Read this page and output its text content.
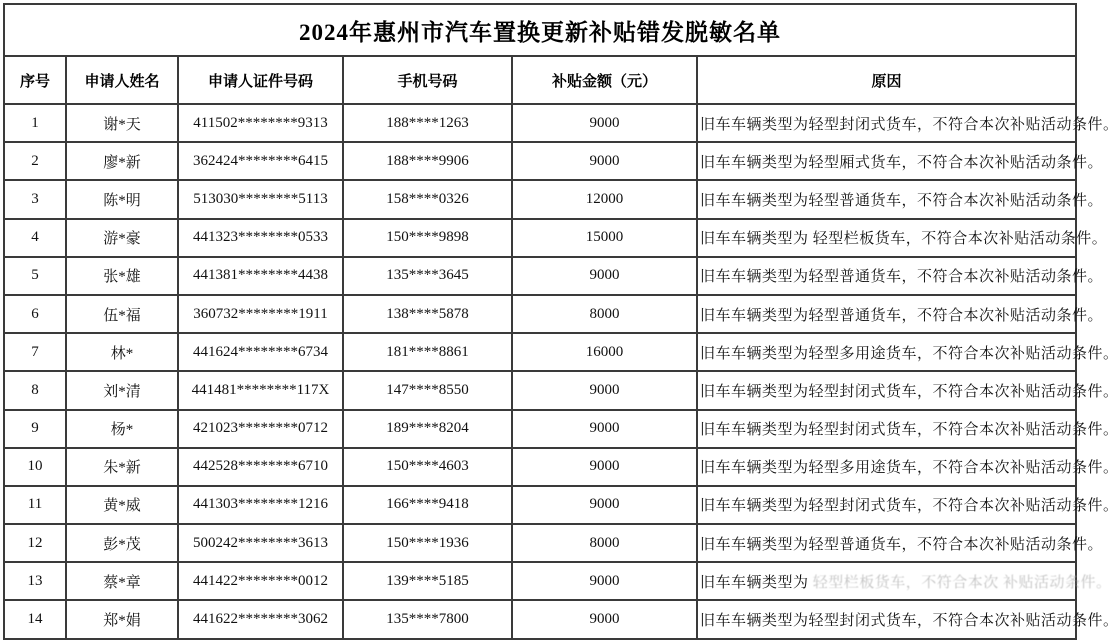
2024年惠州市汽车置换更新补贴错发脱敏名单					
序号	申请人姓名	申请人证件号码	手机号码	补贴金额（元）	原因
1	谢*天	411502********9313	188****1263	9000	旧车车辆类型为轻型封闭式货车，不符合本次补贴活动条件。
2	廖*新	362424********6415	188****9906	9000	旧车车辆类型为轻型厢式货车，不符合本次补贴活动条件。
3	陈*明	513030********5113	158****0326	12000	旧车车辆类型为轻型普通货车，不符合本次补贴活动条件。
4	游*豪	441323********0533	150****9898	15000	旧车车辆类型为 轻型栏板货车，不符合本次补贴活动条件。
5	张*雄	441381********4438	135****3645	9000	旧车车辆类型为轻型普通货车，不符合本次补贴活动条件。
6	伍*福	360732********1911	138****5878	8000	旧车车辆类型为轻型普通货车，不符合本次补贴活动条件。
7	林*	441624********6734	181****8861	16000	旧车车辆类型为轻型多用途货车，不符合本次补贴活动条件。
8	刘*清	441481********117X	147****8550	9000	旧车车辆类型为轻型封闭式货车，不符合本次补贴活动条件。
9	杨*	421023********0712	189****8204	9000	旧车车辆类型为轻型封闭式货车，不符合本次补贴活动条件。
10	朱*新	442528********6710	150****4603	9000	旧车车辆类型为轻型多用途货车，不符合本次补贴活动条件。
11	黄*威	441303********1216	166****9418	9000	旧车车辆类型为轻型封闭式货车，不符合本次补贴活动条件。
12	彭*茂	500242********3613	150****1936	8000	旧车车辆类型为轻型普通货车，不符合本次补贴活动条件。
13	蔡*章	441422********0012	139****5185	9000	旧车车辆类型为 轻型栏板货车，不符合本次 补贴活动条件。
14	郑*娟	441622********3062	135****7800	9000	旧车车辆类型为轻型封闭式货车，不符合本次补贴活动条件。
